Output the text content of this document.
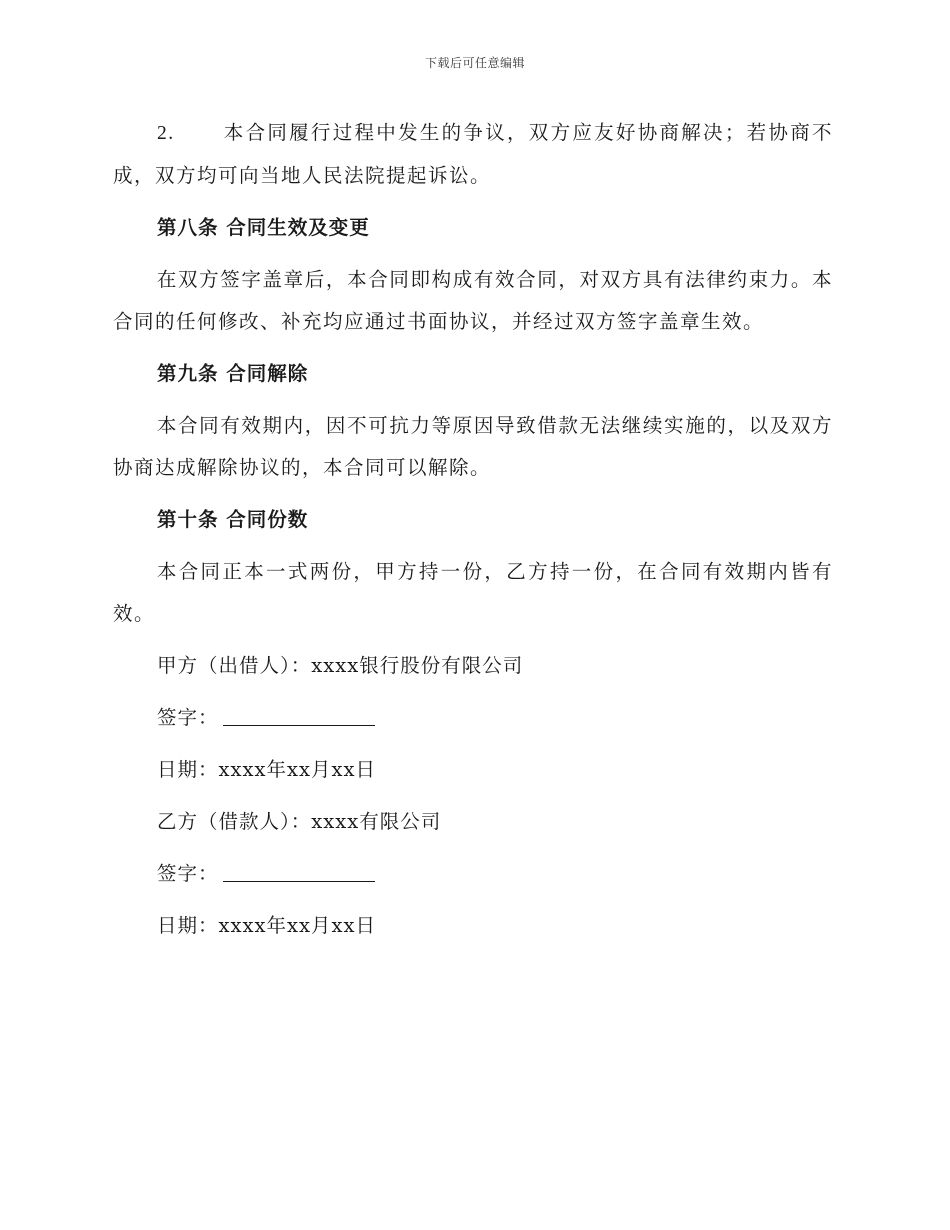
下载后可任意编辑

2. 本合同履行过程中发生的争议，双方应友好协商解决；若协商不成，双方均可向当地人民法院提起诉讼。

第八条 合同生效及变更

在双方签字盖章后，本合同即构成有效合同，对双方具有法律约束力。本合同的任何修改、补充均应通过书面协议，并经过双方签字盖章生效。

第九条 合同解除

本合同有效期内，因不可抗力等原因导致借款无法继续实施的，以及双方协商达成解除协议的，本合同可以解除。

第十条 合同份数

本合同正本一式两份，甲方持一份，乙方持一份，在合同有效期内皆有效。

甲方（出借人）：xxxx银行股份有限公司
签字：
日期：xxxx年xx月xx日
乙方（借款人）：xxxx有限公司
签字：
日期：xxxx年xx月xx日
